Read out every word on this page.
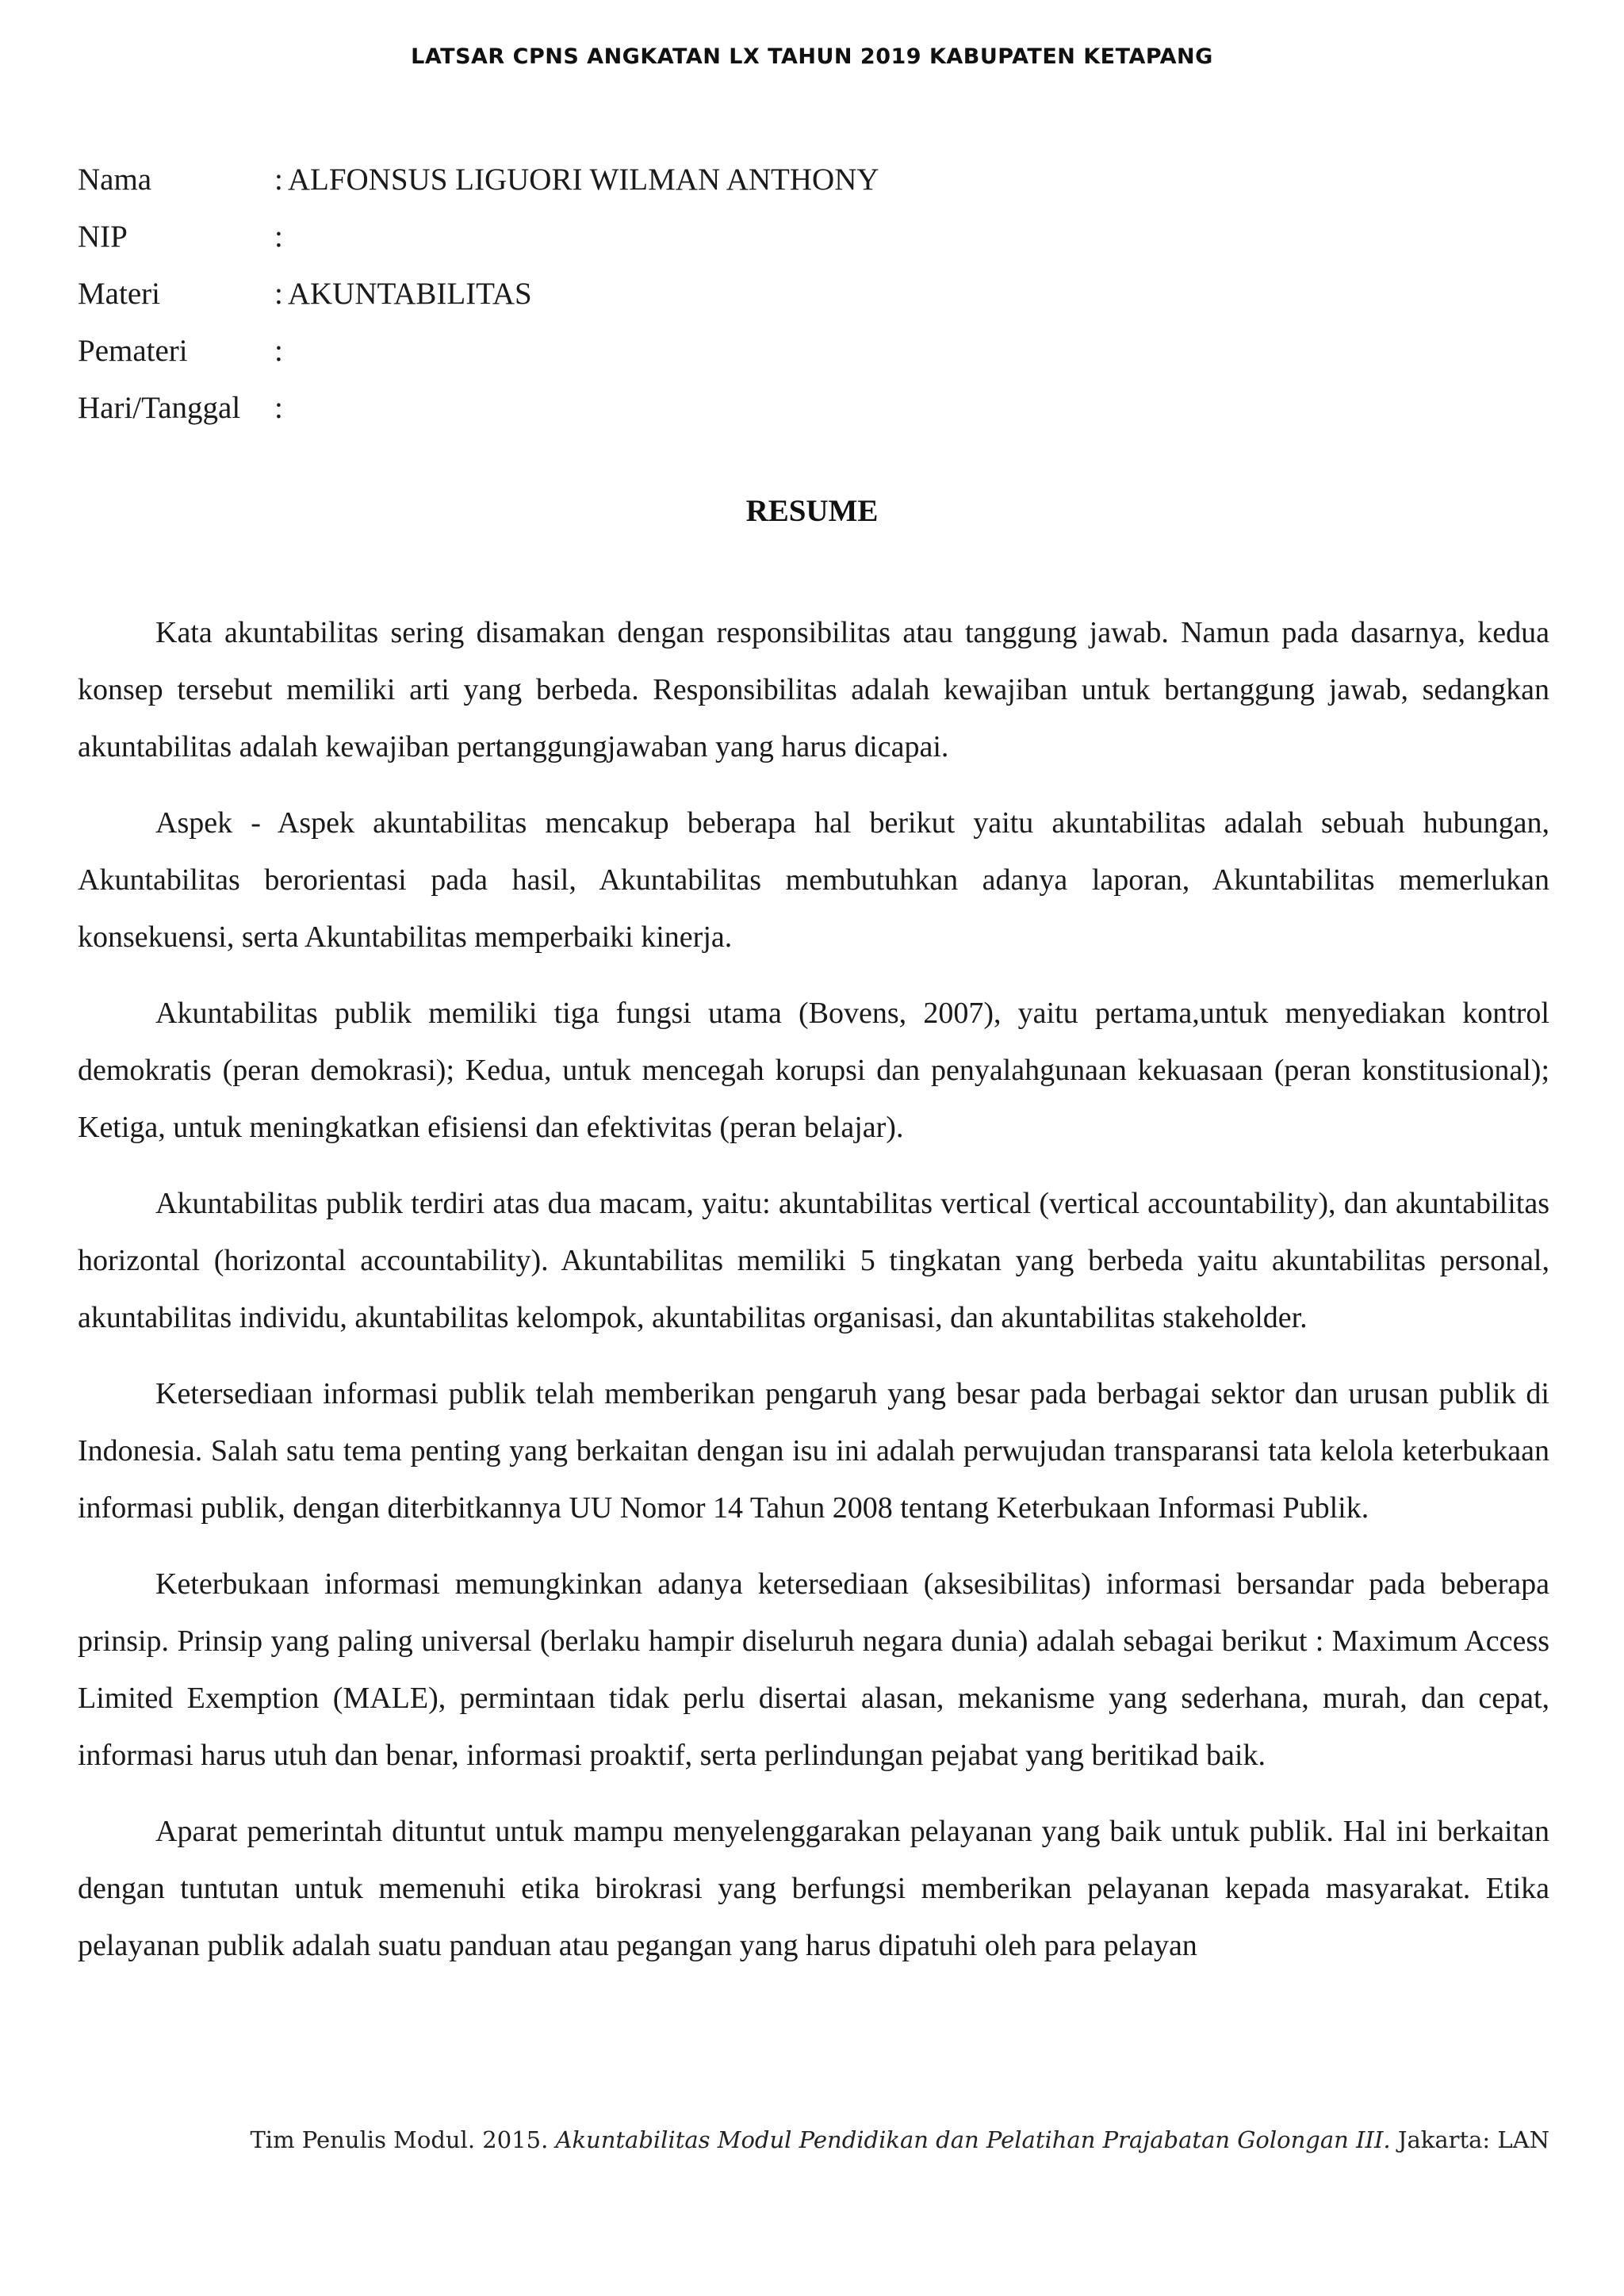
LATSAR CPNS ANGKATAN LX TAHUN 2019 KABUPATEN KETAPANG
Nama	: ALFONSUS LIGUORI WILMAN ANTHONY
NIP	:
Materi	: AKUNTABILITAS
Pemateri	:
Hari/Tanggal	:
RESUME

Kata akuntabilitas sering disamakan dengan responsibilitas atau tanggung jawab. Namun pada dasarnya, kedua konsep tersebut memiliki arti yang berbeda. Responsibilitas adalah kewajiban untuk bertanggung jawab, sedangkan akuntabilitas adalah kewajiban pertanggungjawaban yang harus dicapai.

Aspek - Aspek akuntabilitas mencakup beberapa hal berikut yaitu akuntabilitas adalah sebuah hubungan, Akuntabilitas berorientasi pada hasil, Akuntabilitas membutuhkan adanya laporan, Akuntabilitas memerlukan konsekuensi, serta Akuntabilitas memperbaiki kinerja.

Akuntabilitas publik memiliki tiga fungsi utama (Bovens, 2007), yaitu pertama,untuk menyediakan kontrol demokratis (peran demokrasi); Kedua, untuk mencegah korupsi dan penyalahgunaan kekuasaan (peran konstitusional); Ketiga, untuk meningkatkan efisiensi dan efektivitas (peran belajar).

Akuntabilitas publik terdiri atas dua macam, yaitu: akuntabilitas vertical (vertical accountability), dan akuntabilitas horizontal (horizontal accountability). Akuntabilitas memiliki 5 tingkatan yang berbeda yaitu akuntabilitas personal, akuntabilitas individu, akuntabilitas kelompok, akuntabilitas organisasi, dan akuntabilitas stakeholder.

Ketersediaan informasi publik telah memberikan pengaruh yang besar pada berbagai sektor dan urusan publik di Indonesia. Salah satu tema penting yang berkaitan dengan isu ini adalah perwujudan transparansi tata kelola keterbukaan informasi publik, dengan diterbitkannya UU Nomor 14 Tahun 2008 tentang Keterbukaan Informasi Publik.

Keterbukaan informasi memungkinkan adanya ketersediaan (aksesibilitas) informasi bersandar pada beberapa prinsip. Prinsip yang paling universal (berlaku hampir diseluruh negara dunia) adalah sebagai berikut : Maximum Access Limited Exemption (MALE), permintaan tidak perlu disertai alasan, mekanisme yang sederhana, murah, dan cepat, informasi harus utuh dan benar, informasi proaktif, serta perlindungan pejabat yang beritikad baik.

Aparat pemerintah dituntut untuk mampu menyelenggarakan pelayanan yang baik untuk publik. Hal ini berkaitan dengan tuntutan untuk memenuhi etika birokrasi yang berfungsi memberikan pelayanan kepada masyarakat. Etika pelayanan publik adalah suatu panduan atau pegangan yang harus dipatuhi oleh para pelayan

Tim Penulis Modul. 2015. Akuntabilitas Modul Pendidikan dan Pelatihan Prajabatan Golongan III. Jakarta: LAN
